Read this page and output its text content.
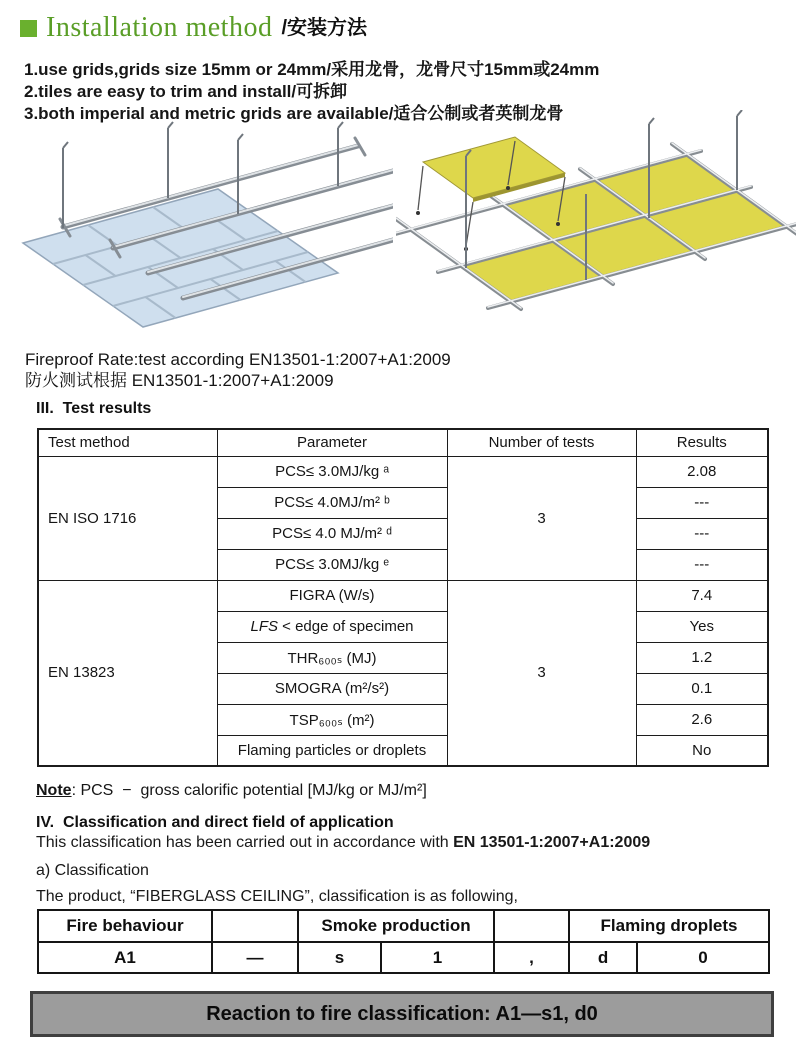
Installation method /安装方法
1.use grids,grids size 15mm or 24mm/采用龙骨，龙骨尺寸15mm或24mm
2.tiles are easy to trim and install/可拆卸
3.both imperial and metric grids are available/适合公制或者英制龙骨
Fireproof Rate:test according EN13501-1:2007+A1:2009
防火测试根据 EN13501-1:2007+A1:2009
III.  Test results
Test method	Parameter	Number of tests	Results
EN ISO 1716	PCS≤ 3.0MJ/kg ᵃ	3	2.08
	PCS≤ 4.0MJ/m² ᵇ		---
	PCS≤ 4.0 MJ/m² ᵈ		---
	PCS≤ 3.0MJ/kg ᵉ		---
EN 13823	FIGRA (W/s)	3	7.4
	LFS < edge of specimen		Yes
	THR₆₀₀ₛ (MJ)		1.2
	SMOGRA (m²/s²)		0.1
	TSP₆₀₀ₛ (m²)		2.6
	Flaming particles or droplets		No
Note: PCS  −  gross calorific potential [MJ/kg or MJ/m²]
IV.  Classification and direct field of application
This classification has been carried out in accordance with EN 13501-1:2007+A1:2009
a) Classification
The product, “FIBERGLASS CEILING”, classification is as following,
Fire behaviour		Smoke production			Flaming droplets	
A1	—	s	1	,	d	0
Reaction to fire classification: A1—s1, d0
